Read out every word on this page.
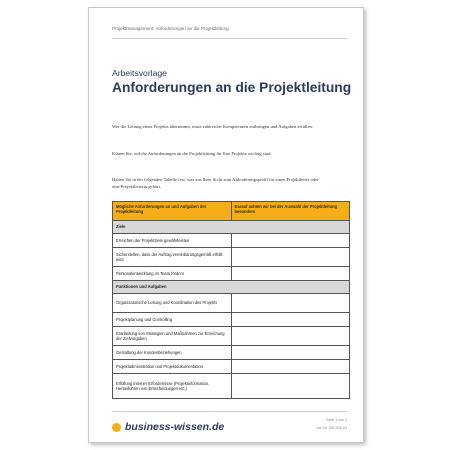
Projektmanagement: Anforderungen an die Projektleitung
Arbeitsvorlage
Anforderungen an die Projektleitung
Wer die Leitung eines Projekts übernimmt, muss zahlreiche Kompetenzen aufbringen und Aufgaben erfüllen.
Klären Sie, welche Anforderungen an die Projektleitung für Ihre Projekte wichtig sind.
Halten Sie in der folgenden Tabelle fest, was aus Ihrer Sicht zum Anforderungsprofil für einen Projektleiter oder eine Projektleiterin gehört.
Mögliche Anforderungen an und Aufgaben der Projektleitung	Darauf achten wir bei der Auswahl der Projektleitung besonders
Ziele	
Erreichen der Projektziele gewährleisten	
Sicherstellen, dass der Auftrag vereinbarungsgemäß erfüllt wird	
Personalentwicklung im Team fördern	
Funktionen und Aufgaben	
Organisatorische Leitung und Koordination des Projekts	
Projektplanung und Controlling	
Erarbeitung von Strategien und Maßnahmen zur Erreichung der Zielvorgaben	
Gestaltung der Kundenbeziehungen	
Projektadministration und Projektdokumentation	
Erfüllung interner Erfordernisse (Projektinformation, Herbeiführen von Entscheidungen etc.)	
business-wissen.de
Seite 1 von 2
Art.-Nr. SW-006-03
